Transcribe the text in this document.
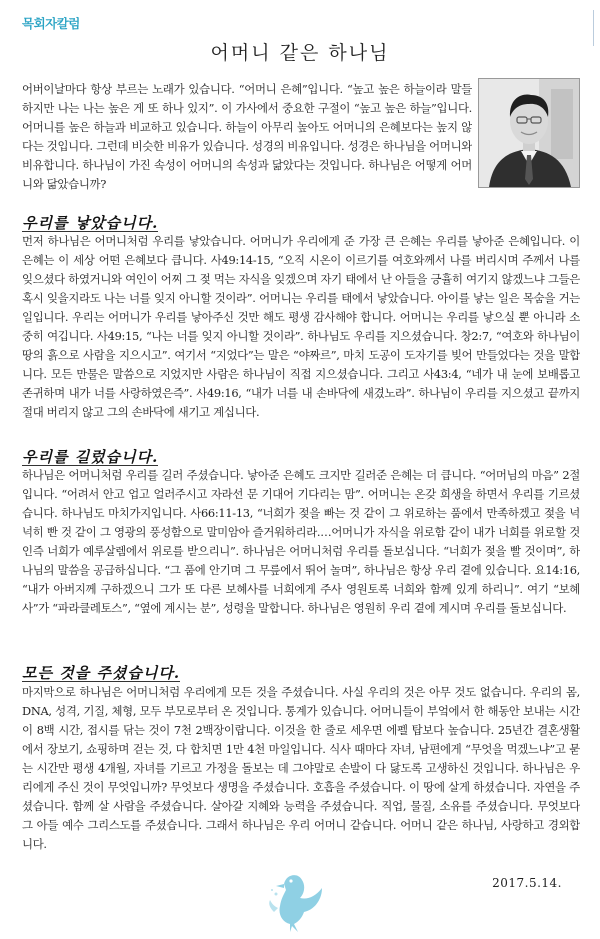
목회자칼럼
어머니 같은 하나님
어버이날마다 항상 부르는 노래가 있습니다. “어머니 은혜”입니다. “높고 높은 하늘이라 말들 하지만 나는 나는 높은 게 또 하나 있지”. 이 가사에서 중요한 구절이 “높고 높은 하늘”입니다. 어머니를 높은 하늘과 비교하고 있습니다. 하늘이 아무리 높아도 어머니의 은혜보다는 높지 않다는 것입니다. 그런데 비슷한 비유가 있습니다. 성경의 비유입니다. 성경은 하나님을 어머니와 비유합니다. 하나님이 가진 속성이 어머니의 속성과 닮았다는 것입니다. 하나님은 어떻게 어머니와 닮았습니까?
우리를 낳았습니다.
먼저 하나님은 어머니처럼 우리를 낳았습니다. 어머니가 우리에게 준 가장 큰 은혜는 우리를 낳아준 은혜입니다. 이 은혜는 이 세상 어떤 은혜보다 큽니다. 사49:14-15, “오직 시온이 이르기를 여호와께서 나를 버리시며 주께서 나를 잊으셨다 하였거니와 여인이 어찌 그 젖 먹는 자식을 잊겠으며 자기 태에서 난 아들을 긍휼히 여기지 않겠느냐 그들은 혹시 잊을지라도 나는 너를 잊지 아니할 것이라”. 어머니는 우리를 태에서 낳았습니다. 아이를 낳는 일은 목숨을 거는 일입니다. 우리는 어머니가 우리를 낳아주신 것만 해도 평생 감사해야 합니다. 어머니는 우리를 낳으실 뿐 아니라 소중히 여깁니다. 사49:15, “나는 너를 잊지 아니할 것이라”. 하나님도 우리를 지으셨습니다. 창2:7, “여호와 하나님이 땅의 흙으로 사람을 지으시고”. 여기서 “지었다”는 말은 “야짜르”, 마치 도공이 도자기를 빚어 만들었다는 것을 말합니다. 모든 만물은 말씀으로 지었지만 사람은 하나님이 직접 지으셨습니다. 그리고 사43:4, “네가 내 눈에 보배롭고 존귀하며 내가 너를 사랑하였은즉”. 사49:16, “내가 너를 내 손바닥에 새겼노라”. 하나님이 우리를 지으셨고 끝까지 절대 버리지 않고 그의 손바닥에 새기고 계십니다.
우리를 길렀습니다.
하나님은 어머니처럼 우리를 길러 주셨습니다. 낳아준 은혜도 크지만 길러준 은혜는 더 큽니다. “어머님의 마음” 2절입니다. “어려서 안고 업고 얼러주시고 자라선 문 기대어 기다리는 맘”. 어머니는 온갖 희생을 하면서 우리를 기르셨습니다. 하나님도 마치가지입니다. 사66:11-13, “너희가 젖을 빠는 것 같이 그 위로하는 품에서 만족하겠고 젖을 넉넉히 빤 것 같이 그 영광의 풍성함으로 말미암아 즐거워하리라.…어머니가 자식을 위로함 같이 내가 너희를 위로할 것인즉 너희가 예루살렘에서 위로를 받으리니”. 하나님은 어머니처럼 우리를 돌보십니다. “너희가 젖을 빨 것이며”, 하나님의 말씀을 공급하십니다. “그 품에 안기며 그 무릎에서 뛰어 놀며”, 하나님은 항상 우리 곁에 있습니다. 요14:16, “내가 아버지께 구하겠으니 그가 또 다른 보혜사를 너희에게 주사 영원토록 너희와 함께 있게 하리니”. 여기 “보혜사”가 “파라클레토스”, “옆에 계시는 분”, 성령을 말합니다. 하나님은 영원히 우리 곁에 계시며 우리를 돌보십니다.
모든 것을 주셨습니다.
마지막으로 하나님은 어머니처럼 우리에게 모든 것을 주셨습니다. 사실 우리의 것은 아무 것도 없습니다. 우리의 몸, DNA, 성격, 기질, 체형, 모두 부모로부터 온 것입니다. 통계가 있습니다. 어머니들이 부엌에서 한 해동안 보내는 시간이 8백 시간, 접시를 닦는 것이 7천 2백장이랍니다. 이것을 한 줄로 세우면 에펠 탑보다 높습니다. 25년간 결혼생활에서 장보기, 쇼핑하며 걷는 것, 다 합치면 1만 4천 마일입니다. 식사 때마다 자녀, 남편에게 “무엇을 먹겠느냐”고 묻는 시간만 평생 4개월, 자녀를 기르고 가정을 돌보는 데 그야말로 손발이 다 닳도록 고생하신 것입니다. 하나님은 우리에게 주신 것이 무엇입니까? 무엇보다 생명을 주셨습니다. 호흡을 주셨습니다. 이 땅에 살게 하셨습니다. 자연을 주셨습니다. 함께 살 사람을 주셨습니다. 살아갈 지혜와 능력을 주셨습니다. 직업, 물질, 소유를 주셨습니다. 무엇보다 그 아들 예수 그리스도를 주셨습니다. 그래서 하나님은 우리 어머니 같습니다. 어머니 같은 하나님, 사랑하고 경외합니다.
2017.5.14.
